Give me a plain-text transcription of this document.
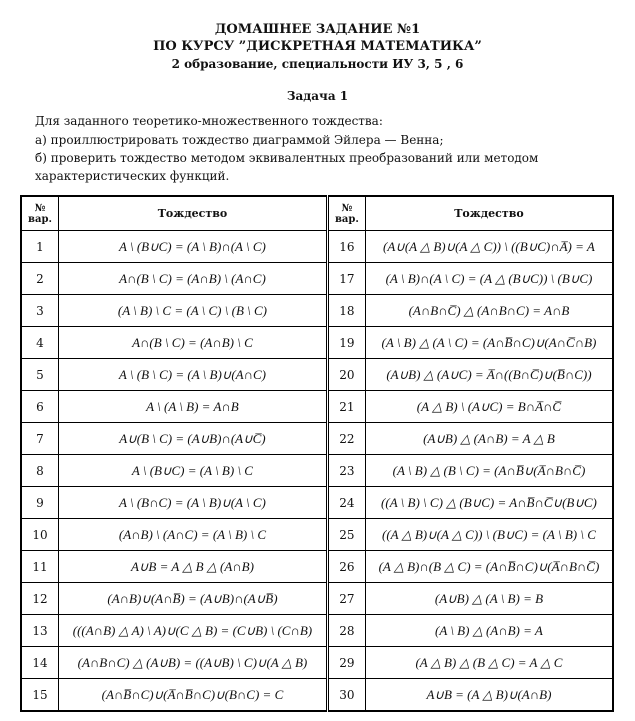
ДОМАШНЕЕ ЗАДАНИЕ №1
ПО КУРСУ ”ДИСКРЕТНАЯ МАТЕМАТИКА”
2 образование, специальности ИУ 3, 5 , 6
Задача 1
Для заданного теоретико-множественного тождества:
а) проиллюстрировать тождество диаграммой Эйлера — Венна;
б) проверить тождество методом эквивалентных преобразований или методом характеристических функций.
№ вар.	Тождество	№ вар.	Тождество
1	A \ (B∪C) = (A \ B)∩(A \ C)	16	(A∪(A △ B)∪(A △ C)) \ ((B∪C)∩A̅) = A
2	A∩(B \ C) = (A∩B) \ (A∩C)	17	(A \ B)∩(A \ C) = (A △ (B∪C)) \ (B∪C)
3	(A \ B) \ C = (A \ C) \ (B \ C)	18	(A∩B∩C̅) △ (A∩B∩C) = A∩B
4	A∩(B \ C) = (A∩B) \ C	19	(A \ B) △ (A \ C) = (A∩B̅∩C)∪(A∩C̅∩B)
5	A \ (B \ C) = (A \ B)∪(A∩C)	20	(A∪B) △ (A∪C) = A̅∩((B∩C̅)∪(B̅∩C))
6	A \ (A \ B) = A∩B	21	(A △ B) \ (A∪C) = B∩A̅∩C̅
7	A∪(B \ C) = (A∪B)∩(A∪C̅)	22	(A∪B) △ (A∩B) = A △ B
8	A \ (B∪C) = (A \ B) \ C	23	(A \ B) △ (B \ C) = (A∩B̅∪(A̅∩B∩C̅)
9	A \ (B∩C) = (A \ B)∪(A \ C)	24	((A \ B) \ C) △ (B∪C) = A∩B̅∩C̅∪(B∪C)
10	(A∩B) \ (A∩C) = (A \ B) \ C	25	((A △ B)∪(A △ C)) \ (B∪C) = (A \ B) \ C
11	A∪B = A △ B △ (A∩B)	26	(A △ B)∩(B △ C) = (A∩B̅∩C)∪(A̅∩B∩C̅)
12	(A∩B)∪(A∩B̅) = (A∪B)∩(A∪B̅)	27	(A∪B) △ (A \ B) = B
13	(((A∩B) △ A) \ A)∪(C △ B) = (C∪B) \ (C∩B)	28	(A \ B) △ (A∩B) = A
14	(A∩B∩C) △ (A∪B) = ((A∪B) \ C)∪(A △ B)	29	(A △ B) △ (B △ C) = A △ C
15	(A∩B̅∩C)∪(A̅∩B̅∩C)∪(B∩C) = C	30	A∪B = (A △ B)∪(A∩B)
